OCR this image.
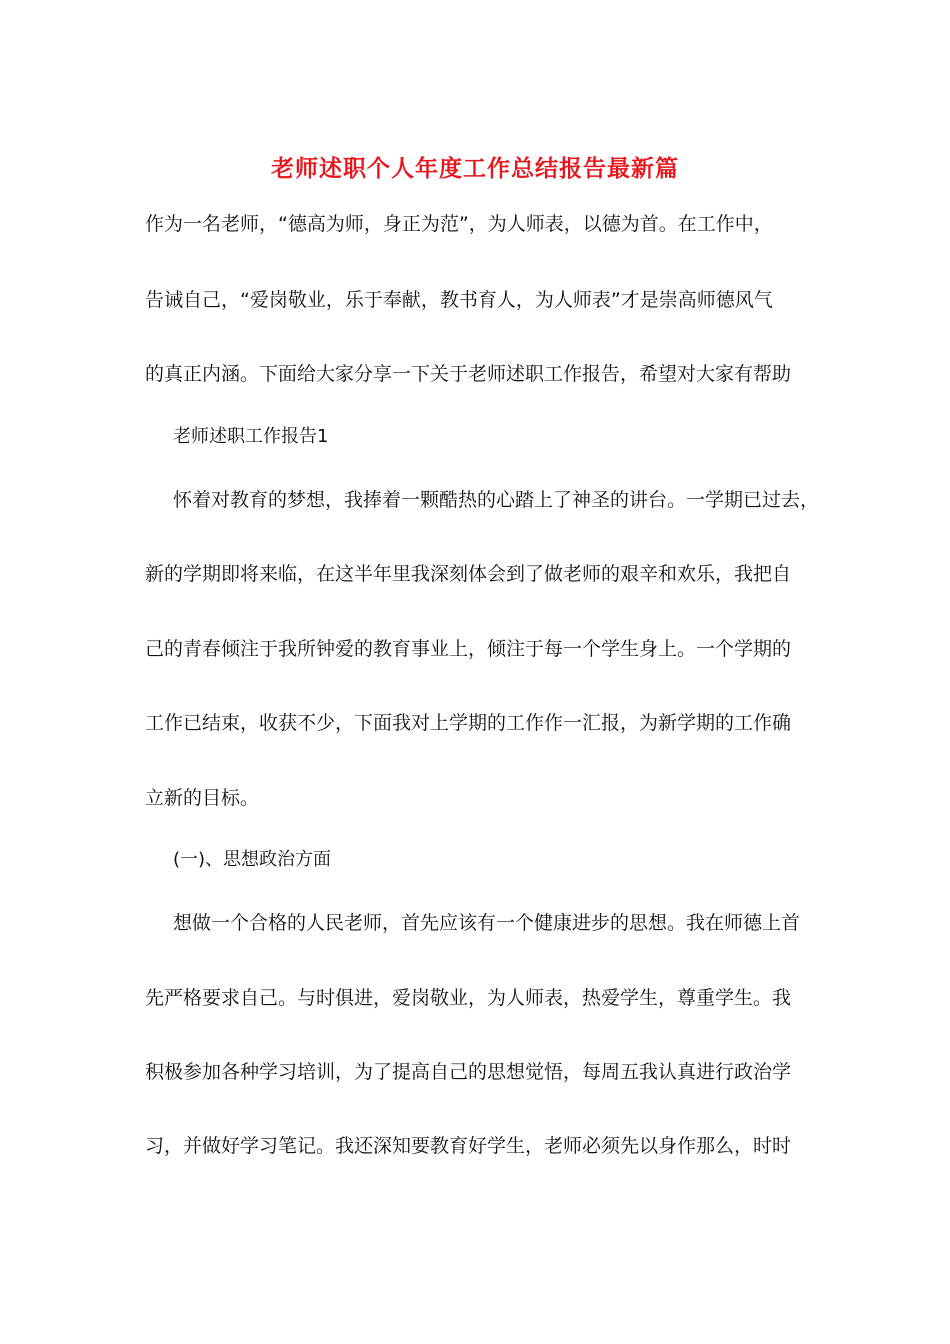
老师述职个人年度工作总结报告最新篇
作为一名老师，“德高为师，身正为范”，为人师表，以德为首。在工作中，
告诫自己，“爱岗敬业，乐于奉献，教书育人，为人师表”才是崇高师德风气
的真正内涵。下面给大家分享一下关于老师述职工作报告，希望对大家有帮助
老师述职工作报告1
怀着对教育的梦想，我捧着一颗酷热的心踏上了神圣的讲台。一学期已过去，
新的学期即将来临，在这半年里我深刻体会到了做老师的艰辛和欢乐，我把自
己的青春倾注于我所钟爱的教育事业上，倾注于每一个学生身上。一个学期的
工作已结束，收获不少，下面我对上学期的工作作一汇报，为新学期的工作确
立新的目标。
(一)、思想政治方面
想做一个合格的人民老师，首先应该有一个健康进步的思想。我在师德上首
先严格要求自己。与时俱进，爱岗敬业，为人师表，热爱学生，尊重学生。我
积极参加各种学习培训，为了提高自己的思想觉悟，每周五我认真进行政治学
习，并做好学习笔记。我还深知要教育好学生，老师必须先以身作那么，时时
